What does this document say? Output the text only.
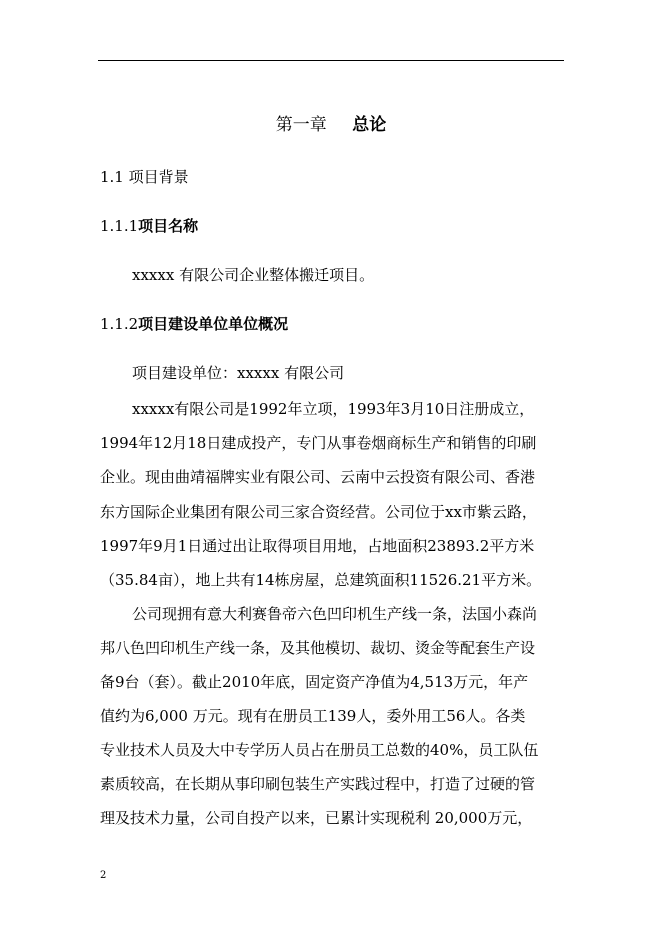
第一章 总论
1.1 项目背景
1.1.1项目名称
xxxxx 有限公司企业整体搬迁项目。
1.1.2项目建设单位单位概况
项目建设单位：xxxxx 有限公司
xxxxx有限公司是1992年立项，1993年3月10日注册成立，
1994年12月18日建成投产，专门从事卷烟商标生产和销售的印刷
企业。现由曲靖福牌实业有限公司、云南中云投资有限公司、香港
东方国际企业集团有限公司三家合资经营。公司位于xx市紫云路，
1997年9月1日通过出让取得项目用地，占地面积23893.2平方米
（35.84亩），地上共有14栋房屋，总建筑面积11526.21平方米。
公司现拥有意大利赛鲁帝六色凹印机生产线一条，法国小森尚
邦八色凹印机生产线一条，及其他模切、裁切、烫金等配套生产设
备9台（套）。截止2010年底，固定资产净值为4,513万元，年产
值约为6,000 万元。现有在册员工139人，委外用工56人。各类
专业技术人员及大中专学历人员占在册员工总数的40%，员工队伍
素质较高，在长期从事印刷包装生产实践过程中，打造了过硬的管
理及技术力量，公司自投产以来，已累计实现税利 20,000万元，
2
